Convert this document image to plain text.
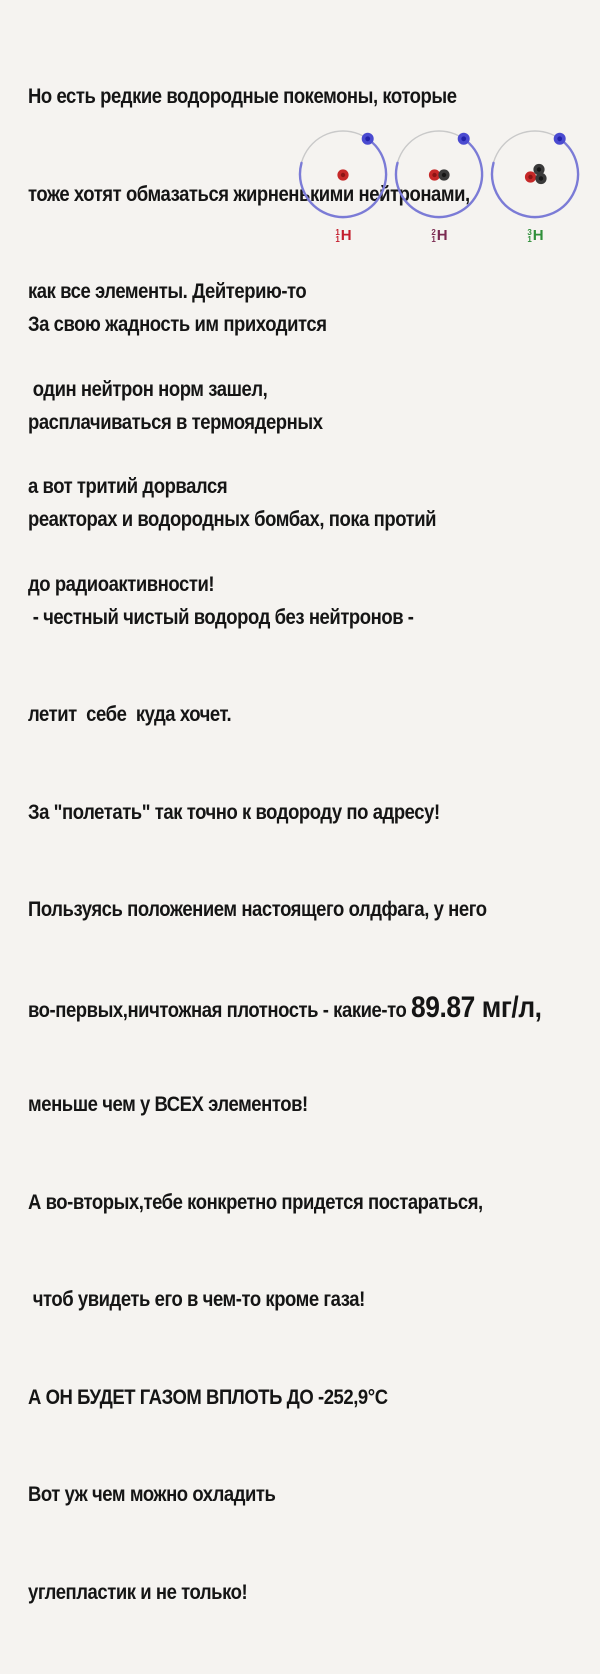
Но есть редкие водородные покемоны, которые

тоже хотят обмазаться жирненькими нейтронами,

как все элементы. Дейтерию-то

один нейтрон норм зашел,

а вот тритий дорвался

до радиоактивности!

1
1 H	2
1 H	3
1 H

За свою жадность им приходится

расплачиваться в термоядерных

реакторах и водородных бомбах, пока протий

- честный чистый водород без нейтронов -

летит  себе  куда хочет.

За "полетать" так точно к водороду по адресу!

Пользуясь положением настоящего олдфага, у него

во-первых,ничтожная плотность - какие-то 89.87 мг/л,

меньше чем у ВСЕХ элементов!

А во-вторых,тебе конкретно придется постараться,

чтоб увидеть его в чем-то кроме газа!

А ОН БУДЕТ ГАЗОМ ВПЛОТЬ ДО -252,9°С

Вот уж чем можно охладить

углепластик и не только!
